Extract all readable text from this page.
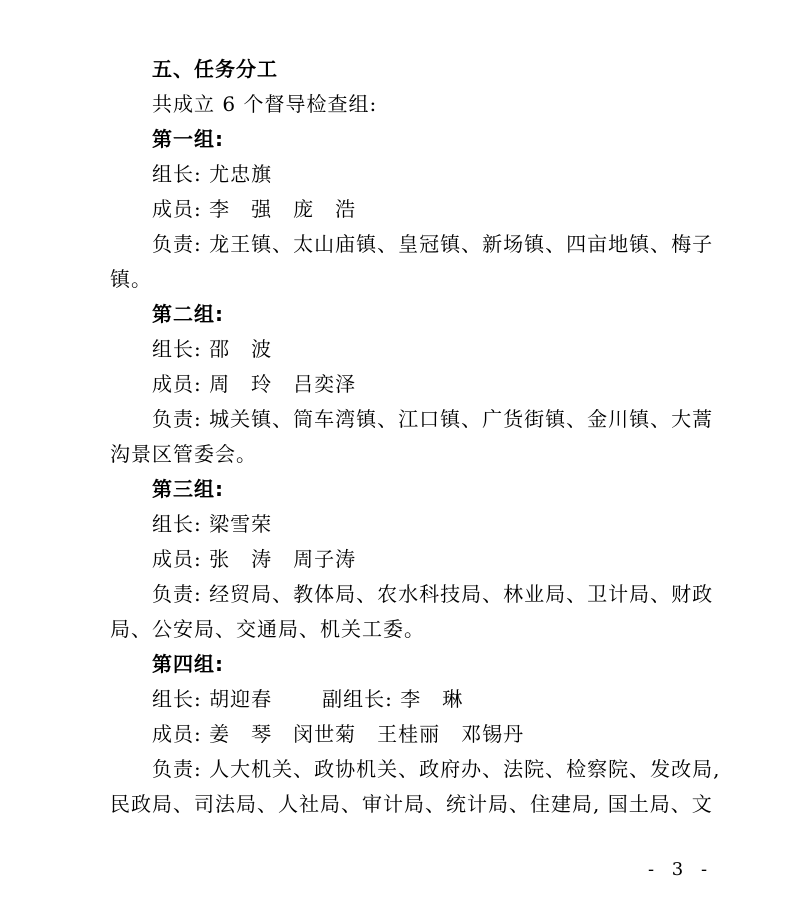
五、任务分工
共成立 6 个督导检查组:
第一组:
组长: 尤忠旗
成员: 李　强　庞　浩
负责: 龙王镇、太山庙镇、皇冠镇、新场镇、四亩地镇、梅子
镇。
第二组:
组长: 邵　波
成员: 周　玲　吕奕泽
负责: 城关镇、筒车湾镇、江口镇、广货街镇、金川镇、大蒿
沟景区管委会。
第三组:
组长: 梁雪荣
成员: 张　涛　周子涛
负责: 经贸局、教体局、农水科技局、林业局、卫计局、财政
局、公安局、交通局、机关工委。
第四组:
组长: 胡迎春	副组长: 李　琳
成员: 姜　琴　闵世菊　王桂丽　邓锡丹
负责: 人大机关、政协机关、政府办、法院、检察院、发改局,
民政局、司法局、人社局、审计局、统计局、住建局, 国土局、文
- 3 -
